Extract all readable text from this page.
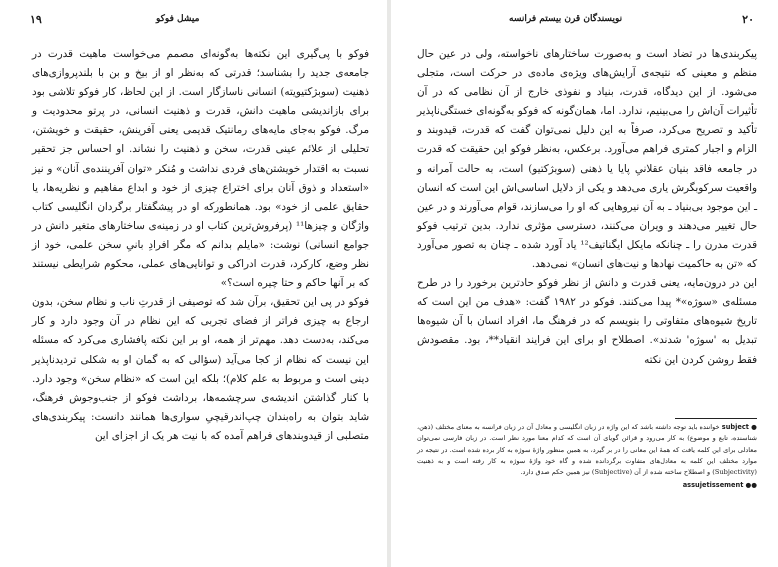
۱۹	میشل فوکو

فوکو با پی‌گیری این نکته‌ها به‌گونه‌ای مصمم می‌خواست ماهیت قدرت در جامعه‌ی جدید را بشناسد؛ قدرتی که به‌نظر او از بیخ و بن با بلندپروازی‌های ذهنیت (سوبژکتیویته) انسانی ناسازگار است. از این لحاظ، کار فوکو تلاشی بود برای بازاندیشی ماهیت دانش، قدرت و ذهنیت انسانی، در پرتو محدودیت و مرگ. فوکو به‌جای مایه‌های رمانتیک قدیمی یعنی آفرینش، حقیقت و خویشتن، تحلیلی از علائم عینی قدرت، سخن و ذهنیت را نشاند. او احساس جز تحقیر نسبت به اقتدار خویشتن‌های فردی نداشت و مُنکر «توان آفریننده‌ی آنان» و نیز «استعداد و ذوق آنان برای اختراع چیزی از خود و ابداع مفاهیم و نظریه‌ها، یا حقایق علمی از خود» بود. همانطورکه او در پیشگفتار برگردان انگلیسی کتاب واژگان و چیزها¹¹ (پرفروش‌ترین کتاب او در زمینه‌ی ساختارهای متغیر دانش در جوامع انسانی) نوشت: «مایلم بدانم که مگر افرادِ بانیِ سخن علمی، خود از نظر وضع، کارکرد، قدرت ادراکی و توانایی‌های عملی، محکوم شرایطی نیستند که بر آنها حاکم و حتا چیره است؟»

فوکو در پی این تحقیق، برآن شد که توصیفی از قدرتِ ناب و نظام سخن، بدون ارجاع به چیزی فراتر از فضای تجربی که این نظام در آن وجود دارد و کار می‌کند، به‌دست دهد. مهم‌تر از همه، او بر این نکته پافشاری می‌کرد که مسئله این نیست که نظام از کجا می‌آید (سؤالی که به گمان او به شکلی تردیدناپذیر دینی است و مربوط به علم کلام)؛ بلکه این است که «نظام سخن» وجود دارد. با کنار گذاشتن اندیشه‌ی سرچشمه‌ها، برداشت فوکو از جنب‌وجوش فرهنگ، شاید بتوان به راه‌بندان چپ‌اندرقیچیِ سواری‌ها همانند دانست: پیکربندی‌های متصلبی از قیدوبندهای فراهم آمده که با نیت هر یک از اجزای این

۲۰
نویسندگان قرن بیستم فرانسه

پیکربندی‌ها در تضاد است و به‌صورت ساختارهای ناخواسته، ولی در عین حال منظم و معینی که نتیجه‌ی آرایش‌های ویژه‌ی ماده‌ی در حرکت است، متجلی می‌شود. از این دیدگاه، قدرت، بنیاد و نفوذی خارج از آن نظامی که در آن تأثیرات آن‌اش را می‌بینیم، ندارد. اما، همان‌گونه که فوکو به‌گونه‌ای خستگی‌ناپذیر تأکید و تصریح می‌کرد، صرفاً به این دلیل نمی‌توان گفت که قدرت، قیدوبند و الزام و اجبار کمتری فراهم می‌آورد. برعکس، به‌نظر فوکو این حقیقت که قدرت در جامعه فاقد بنیان عقلانیِ پایا یا ذهنی (سوبژکتیو) است، به حالت آمرانه و واقعیت سرکوبگرش یاری می‌دهد و یکی از دلایل اساسی‌اش این است که انسان ـ این موجود بی‌بنیاد ـ به آن نیروهایی که او را می‌سازند، قوام می‌آورند و در عین حال تغییر می‌دهند و ویران می‌کنند، دسترسی مؤثری ندارد. بدین ترتیب فوکو قدرت مدرن را ـ چنانکه مایکل ایگناتیف¹² یاد آورد شده ـ چنان به تصور می‌آورد که «تن به حاکمیت نهادها و نیت‌های انسان» نمی‌دهد.

این در درون‌مایه، یعنی قدرت و دانش از نظر فوکو حادترین برخورد را در طرح مسئله‌ی «سوژه»* پیدا می‌کنند. فوکو در ۱۹۸۲ گفت: «هدف من این است که تاریخ شیوه‌های متفاوتی را بنویسم که در فرهنگ ما، افراد انسان با آن شیوه‌ها تبدیل به 'سوژه' شدند». اصطلاح او برای این فرایند انقیاد**، بود. مقصودش فقط روشن کردن این نکته

● subject خواننده باید توجه داشته باشد که این واژه در زبان انگلیسی و معادل آن در زبان فرانسه به معنای مختلف (ذهن، شناسنده، تابع و موضوع) به کار می‌رود و قرائن گویای آن است که کدام معنا مورد نظر است. در زبان فارسی نمی‌توان معادلی برای این کلمه یافت که همهٔ این معانی را در بر گیرد، به همین منظور واژهٔ سوژه به کار برده شده است. در نتیجه در موارد مختلف این کلمه به معادل‌های متفاوت برگردانده شده و گاه خود واژهٔ سوژه به کار رفته است و به ذهنیت (Subjectivity) و اصطلاح ساخته شده از آن (Subjective) نیز همین حکم صدق دارد.

●● assujetissement
